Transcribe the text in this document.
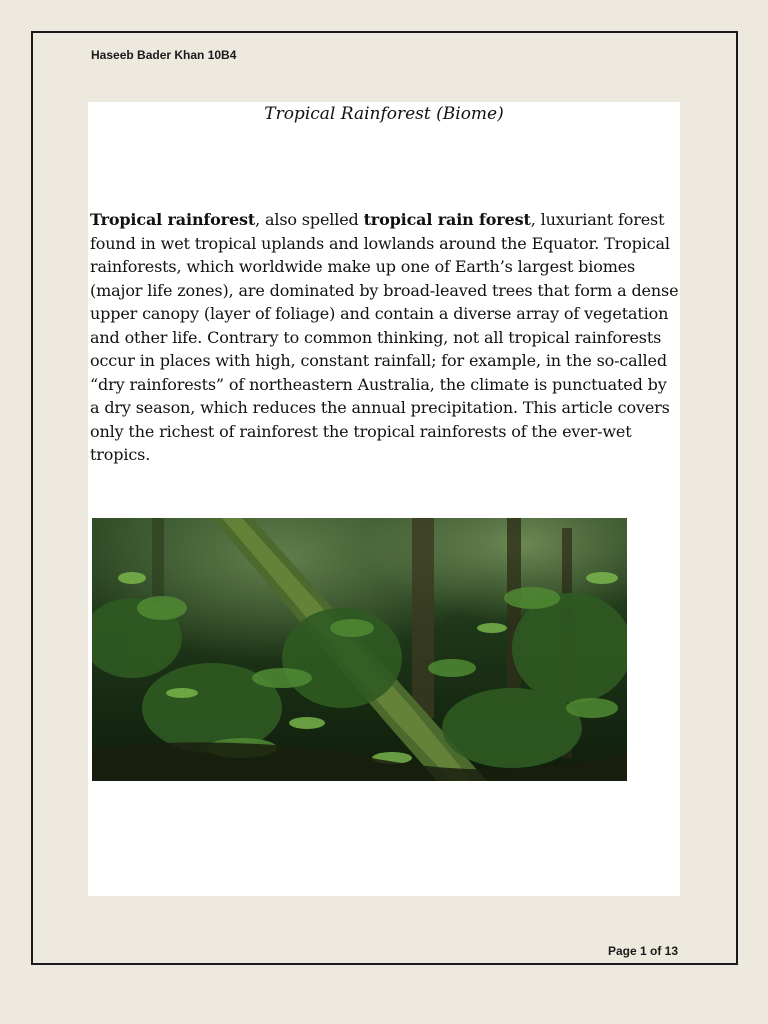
Haseeb Bader Khan 10B4
Tropical Rainforest (Biome)
Tropical rainforest, also spelled tropical rain forest, luxuriant forest found in wet tropical uplands and lowlands around the Equator. Tropical rainforests, which worldwide make up one of Earth’s largest biomes (major life zones), are dominated by broad-leaved trees that form a dense upper canopy (layer of foliage) and contain a diverse array of vegetation and other life. Contrary to common thinking, not all tropical rainforests occur in places with high, constant rainfall; for example, in the so-called “dry rainforests” of northeastern Australia, the climate is punctuated by a dry season, which reduces the annual precipitation. This article covers only the richest of rainforest the tropical rainforests of the ever-wet tropics.
Page 1 of 13
